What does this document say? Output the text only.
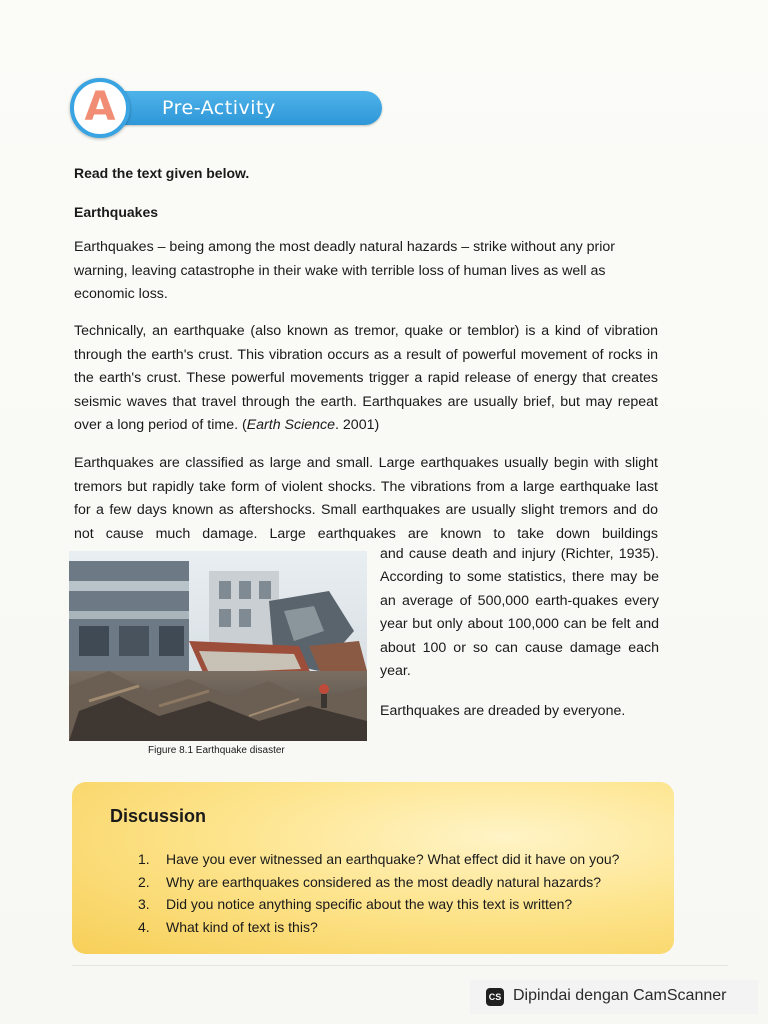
Pre-Activity
A
Read the text given below.
Earthquakes
Earthquakes – being among the most deadly natural hazards – strike without any prior warning, leaving catastrophe in their wake with terrible loss of human lives as well as economic loss.
Technically, an earthquake (also known as tremor, quake or temblor) is a kind of vibration through the earth's crust. This vibration occurs as a result of powerful movement of rocks in the earth's crust. These powerful movements trigger a rapid release of energy that creates seismic waves that travel through the earth. Earthquakes are usually brief, but may repeat over a long period of time. (Earth Science. 2001)
Earthquakes are classified as large and small. Large earthquakes usually begin with slight tremors but rapidly take form of violent shocks. The vibrations from a large earthquake last for a few days known as aftershocks. Small earthquakes are usually slight tremors and do not cause much damage. Large earthquakes are known to take down buildings
Figure 8.1 Earthquake disaster
and cause death and injury (Richter, 1935). According to some statistics, there may be an average of 500,000 earth-quakes every year but only about 100,000 can be felt and about 100 or so can cause damage each year.
Earthquakes are dreaded by everyone.
Discussion
1.	Have you ever witnessed an earthquake? What effect did it have on you?
2.	Why are earthquakes considered as the most deadly natural hazards?
3.	Did you notice anything specific about the way this text is written?
4.	What kind of text is this?
CS Dipindai dengan CamScanner
